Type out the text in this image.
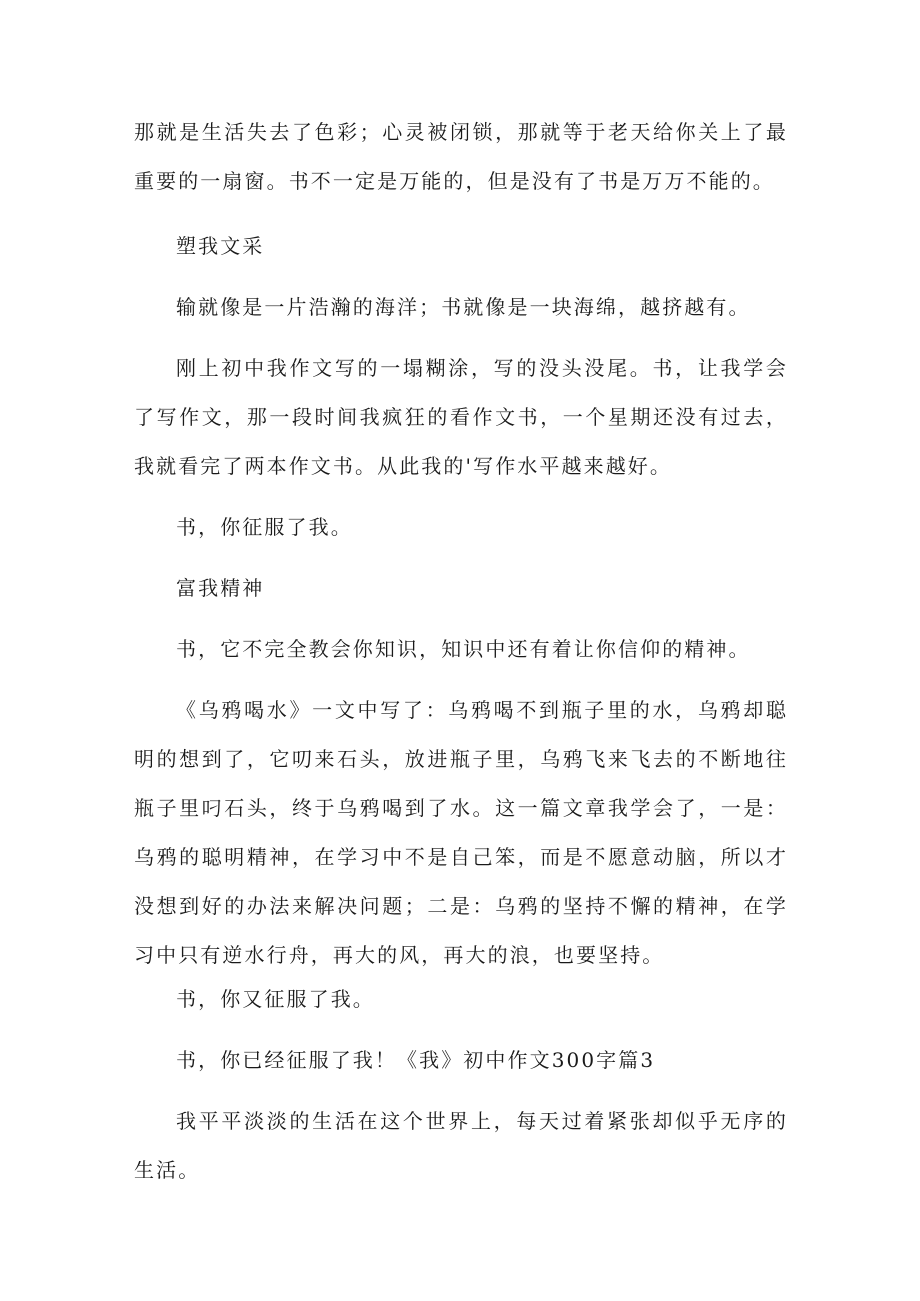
那就是生活失去了色彩；心灵被闭锁，那就等于老天给你关上了最重要的一扇窗。书不一定是万能的，但是没有了书是万万不能的。

塑我文采

输就像是一片浩瀚的海洋；书就像是一块海绵，越挤越有。

刚上初中我作文写的一塌糊涂，写的没头没尾。书，让我学会了写作文，那一段时间我疯狂的看作文书，一个星期还没有过去，我就看完了两本作文书。从此我的'写作水平越来越好。

书，你征服了我。

富我精神

书，它不完全教会你知识，知识中还有着让你信仰的精神。

《乌鸦喝水》一文中写了：乌鸦喝不到瓶子里的水，乌鸦却聪明的想到了，它叨来石头，放进瓶子里，乌鸦飞来飞去的不断地往瓶子里叼石头，终于乌鸦喝到了水。这一篇文章我学会了，一是：乌鸦的聪明精神，在学习中不是自己笨，而是不愿意动脑，所以才没想到好的办法来解决问题；二是：乌鸦的坚持不懈的精神，在学习中只有逆水行舟，再大的风，再大的浪，也要坚持。

书，你又征服了我。

书，你已经征服了我！《我》初中作文300字篇3

我平平淡淡的生活在这个世界上，每天过着紧张却似乎无序的生活。
